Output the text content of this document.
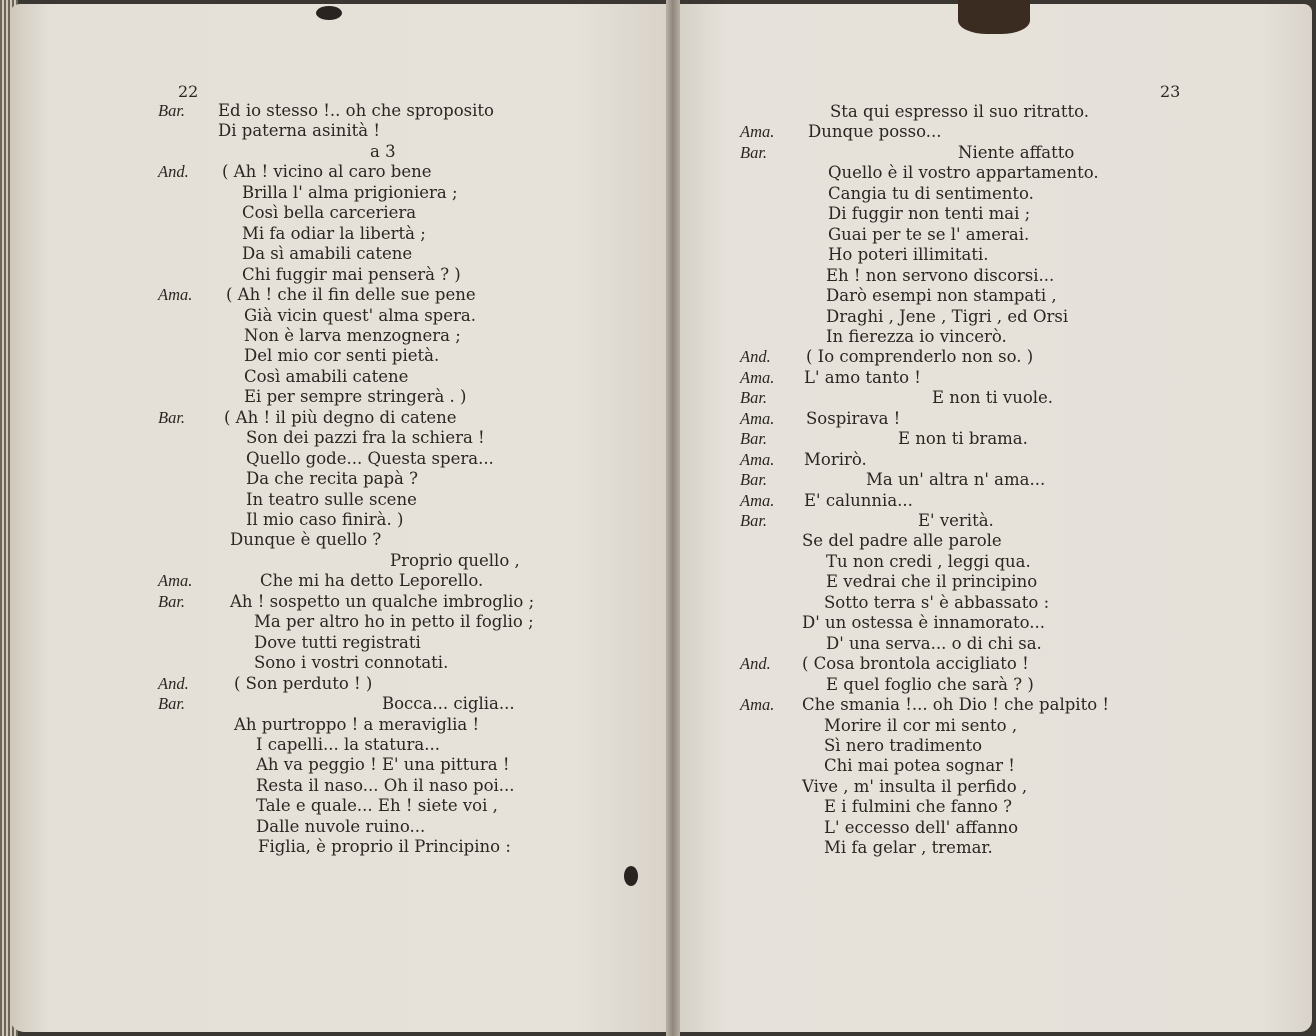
22	23
Bar. Ed io stesso !.. oh che sproposito
Di paterna asinità !
a 3
And. ( Ah ! vicino al caro bene
Brilla l' alma prigioniera ;
Così bella carceriera
Mi fa odiar la libertà ;
Da sì amabili catene
Chi fuggir mai penserà ? )
Ama. ( Ah ! che il fin delle sue pene
Già vicin quest' alma spera.
Non è larva menzognera ;
Del mio cor senti pietà.
Così amabili catene
Ei per sempre stringerà . )
Bar. ( Ah ! il più degno di catene
Son dei pazzi fra la schiera !
Quello gode... Questa spera...
Da che recita papà ?
In teatro sulle scene
Il mio caso finirà. )
Dunque è quello ?
Proprio quello ,
Ama.	Che mi ha detto Leporello.
Bar.	Ah ! sospetto un qualche imbroglio ;
Ma per altro ho in petto il foglio ;
Dove tutti registrati
Sono i vostri connotati.
And.	( Son perduto ! )
Bar.	Bocca... ciglia...
Ah purtroppo ! a meraviglia !
I capelli... la statura...
Ah va peggio ! E' una pittura !
Resta il naso... Oh il naso poi...
Tale e quale... Eh ! siete voi ,
Dalle nuvole ruino...
Figlia, è proprio il Principino :
Sta qui espresso il suo ritratto.
Ama. Dunque posso...
Bar.	Niente affatto
Quello è il vostro appartamento.
Cangia tu di sentimento.
Di fuggir non tenti mai ;
Guai per te se l' amerai.
Ho poteri illimitati.
Eh ! non servono discorsi...
Darò esempi non stampati ,
Draghi , Jene , Tigri , ed Orsi
In fierezza io vincerò.
And. ( Io comprenderlo non so. )
Ama. L' amo tanto !
Bar.	E non ti vuole.
Ama. Sospirava !
Bar.	E non ti brama.
Ama. Morirò.
Bar.	Ma un' altra n' ama...
Ama. E' calunnia...
Bar.	E' verità.
Se del padre alle parole
Tu non credi , leggi qua.
E vedrai che il principino
Sotto terra s' è abbassato :
D' un ostessa è innamorato...
D' una serva... o di chi sa.
And. ( Cosa brontola accigliato !
E quel foglio che sarà ? )
Ama. Che smania !... oh Dio ! che palpito !
Morire il cor mi sento ,
Sì nero tradimento
Chi mai potea sognar !
Vive , m' insulta il perfido ,
E i fulmini che fanno ?
L' eccesso dell' affanno
Mi fa gelar , tremar.
